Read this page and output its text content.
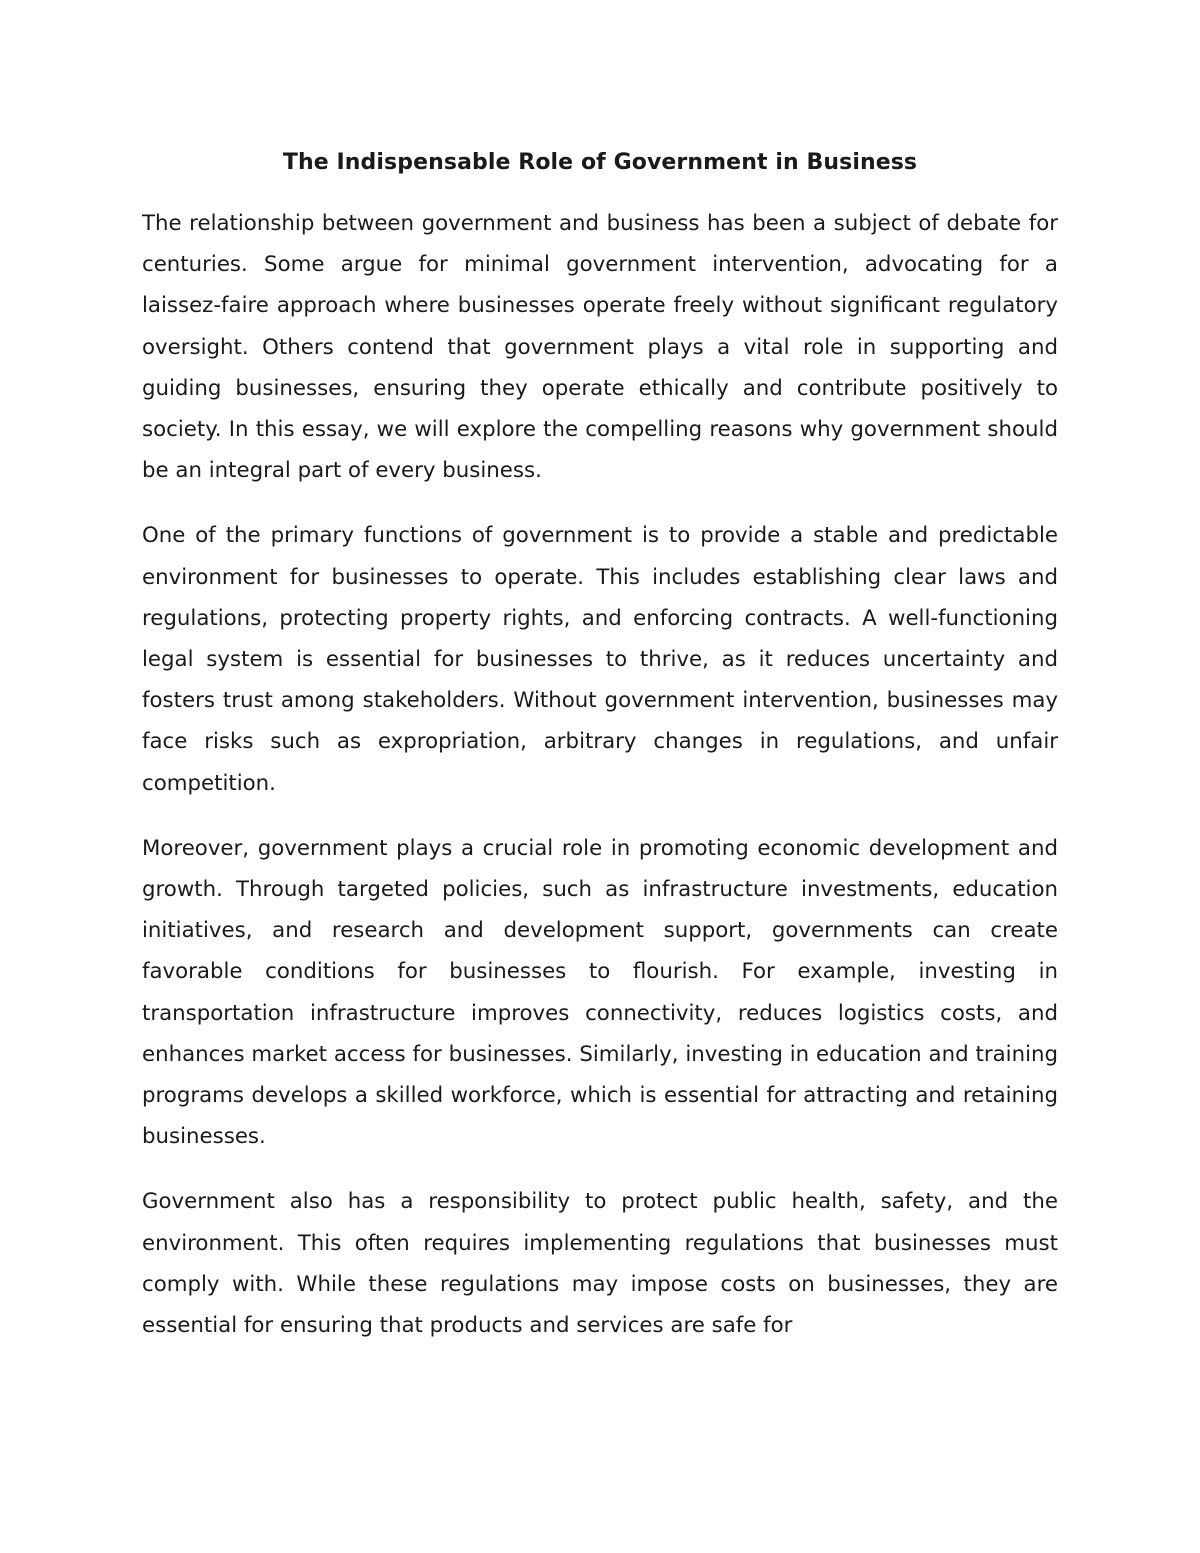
The Indispensable Role of Government in Business

The relationship between government and business has been a subject of debate for centuries. Some argue for minimal government intervention, advocating for a laissez-faire approach where businesses operate freely without significant regulatory oversight. Others contend that government plays a vital role in supporting and guiding businesses, ensuring they operate ethically and contribute positively to society. In this essay, we will explore the compelling reasons why government should be an integral part of every business.

One of the primary functions of government is to provide a stable and predictable environment for businesses to operate. This includes establishing clear laws and regulations, protecting property rights, and enforcing contracts. A well-functioning legal system is essential for businesses to thrive, as it reduces uncertainty and fosters trust among stakeholders. Without government intervention, businesses may face risks such as expropriation, arbitrary changes in regulations, and unfair competition.

Moreover, government plays a crucial role in promoting economic development and growth. Through targeted policies, such as infrastructure investments, education initiatives, and research and development support, governments can create favorable conditions for businesses to flourish. For example, investing in transportation infrastructure improves connectivity, reduces logistics costs, and enhances market access for businesses. Similarly, investing in education and training programs develops a skilled workforce, which is essential for attracting and retaining businesses.

Government also has a responsibility to protect public health, safety, and the environment. This often requires implementing regulations that businesses must comply with. While these regulations may impose costs on businesses, they are essential for ensuring that products and services are safe for
